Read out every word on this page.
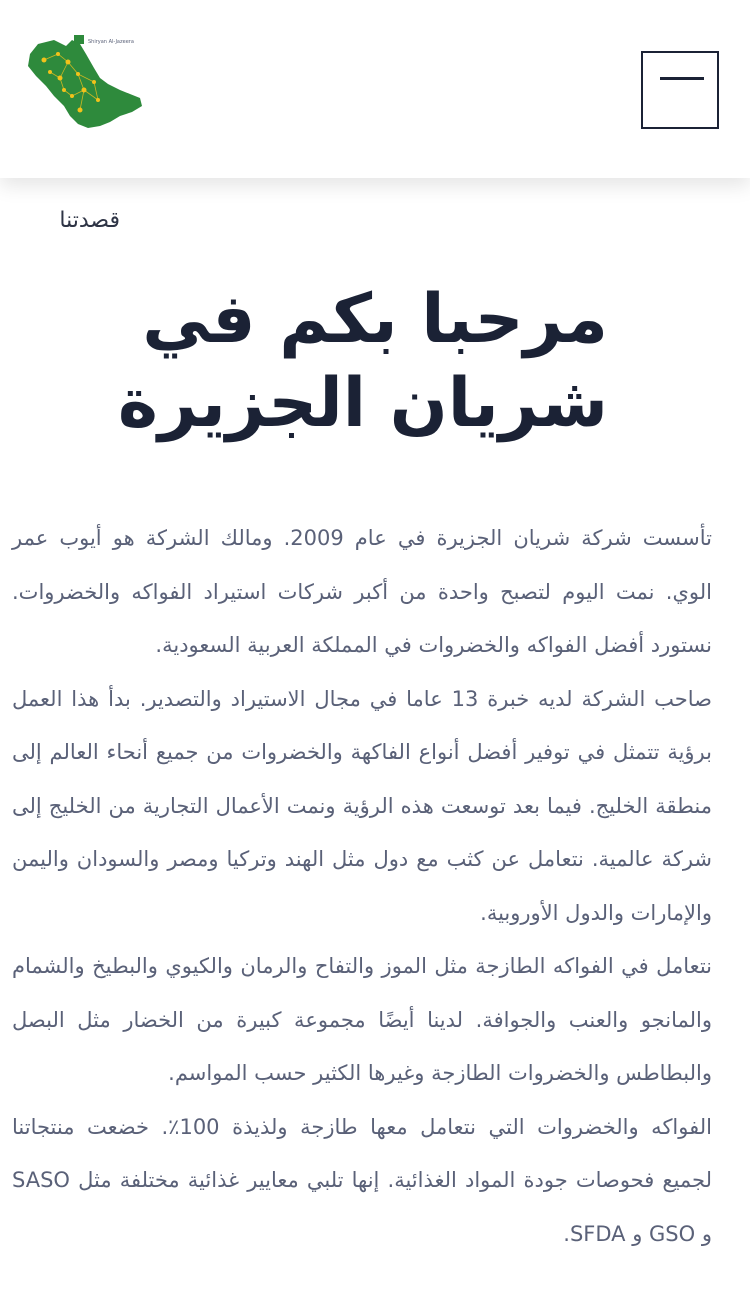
Shiryan Al-Jazeera
قصدتنا
مرحبا بكم في شريان الجزيرة

تأسست شركة شريان الجزيرة في عام 2009. ومالك الشركة هو أيوب عمر الوي. نمت اليوم لتصبح واحدة من أكبر شركات استيراد الفواكه والخضروات. نستورد أفضل الفواكه والخضروات في المملكة العربية السعودية.

صاحب الشركة لديه خبرة 13 عاما في مجال الاستيراد والتصدير. بدأ هذا العمل برؤية تتمثل في توفير أفضل أنواع الفاكهة والخضروات من جميع أنحاء العالم إلى منطقة الخليج. فيما بعد توسعت هذه الرؤية ونمت الأعمال التجارية من الخليج إلى شركة عالمية. نتعامل عن كثب مع دول مثل الهند وتركيا ومصر والسودان واليمن والإمارات والدول الأوروبية.

نتعامل في الفواكه الطازجة مثل الموز والتفاح والرمان والكيوي والبطيخ والشمام والمانجو والعنب والجوافة. لدينا أيضًا مجموعة كبيرة من الخضار مثل البصل والبطاطس والخضروات الطازجة وغيرها الكثير حسب المواسم.

الفواكه والخضروات التي نتعامل معها طازجة ولذيذة 100٪. خضعت منتجاتنا لجميع فحوصات جودة المواد الغذائية. إنها تلبي معايير غذائية مختلفة مثل SASO و GSO و SFDA.
